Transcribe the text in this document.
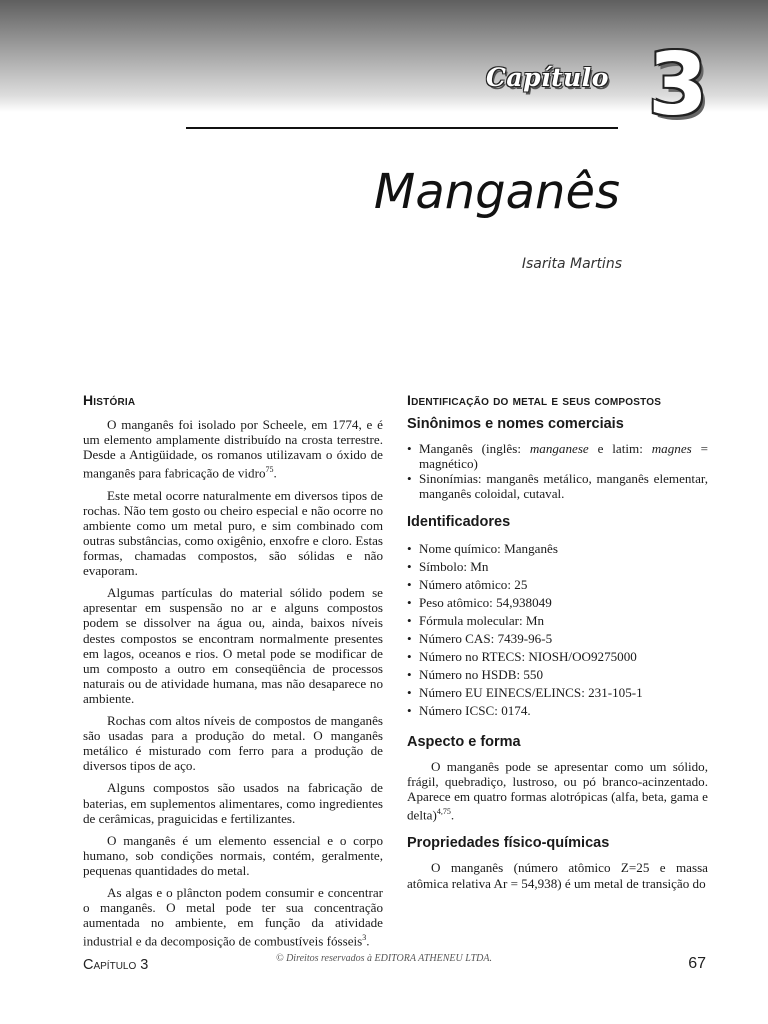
Capítulo 3
Manganês
Isarita Martins
História

O manganês foi isolado por Scheele, em 1774, e é um elemento amplamente distribuído na crosta terrestre. Desde a Antigüidade, os romanos utilizavam o óxido de manganês para fabricação de vidro$^{75}$.

Este metal ocorre naturalmente em diversos tipos de rochas. Não tem gosto ou cheiro especial e não ocorre no ambiente como um metal puro, e sim combinado com outras substâncias, como oxigênio, enxofre e cloro. Estas formas, chamadas compostos, são sólidas e não evaporam.

Algumas partículas do material sólido podem se apresentar em suspensão no ar e alguns compostos podem se dissolver na água ou, ainda, baixos níveis destes compostos se encontram normalmente presentes em lagos, oceanos e rios. O metal pode se modificar de um composto a outro em conseqüência de processos naturais ou de atividade humana, mas não desaparece no ambiente.

Rochas com altos níveis de compostos de manganês são usadas para a produção do metal. O manganês metálico é misturado com ferro para a produção de diversos tipos de aço.

Alguns compostos são usados na fabricação de baterias, em suplementos alimentares, como ingredientes de cerâmicas, praguicidas e fertilizantes.

O manganês é um elemento essencial e o corpo humano, sob condições normais, contém, geralmente, pequenas quantidades do metal.

As algas e o plâncton podem consumir e concentrar o manganês. O metal pode ter sua concentração aumentada no ambiente, em função da atividade industrial e da decomposição de combustíveis fósseis$^3$.

Identificação do metal e seus compostos
Sinônimos e nomes comerciais
• Manganês (inglês: manganese e latim: magnes = magnético)
• Sinonímias: manganês metálico, manganês elementar, manganês coloidal, cutaval.
Identificadores
• Nome químico: Manganês
• Símbolo: Mn
• Número atômico: 25
• Peso atômico: 54,938049
• Fórmula molecular: Mn
• Número CAS: 7439-96-5
• Número no RTECS: NIOSH/OO9275000
• Número no HSDB: 550
• Número EU EINECS/ELINCS: 231-105-1
• Número ICSC: 0174.
Aspecto e forma

O manganês pode se apresentar como um sólido, frágil, quebradiço, lustroso, ou pó branco-acinzentado. Aparece em quatro formas alotrópicas (alfa, beta, gama e delta)$^{4,75}$.

Propriedades físico-químicas

O manganês (número atômico Z=25 e massa atômica relativa Ar = 54,938) é um metal de transição do

Capítulo 3	© Direitos reservados à EDITORA ATHENEU LTDA.	67
